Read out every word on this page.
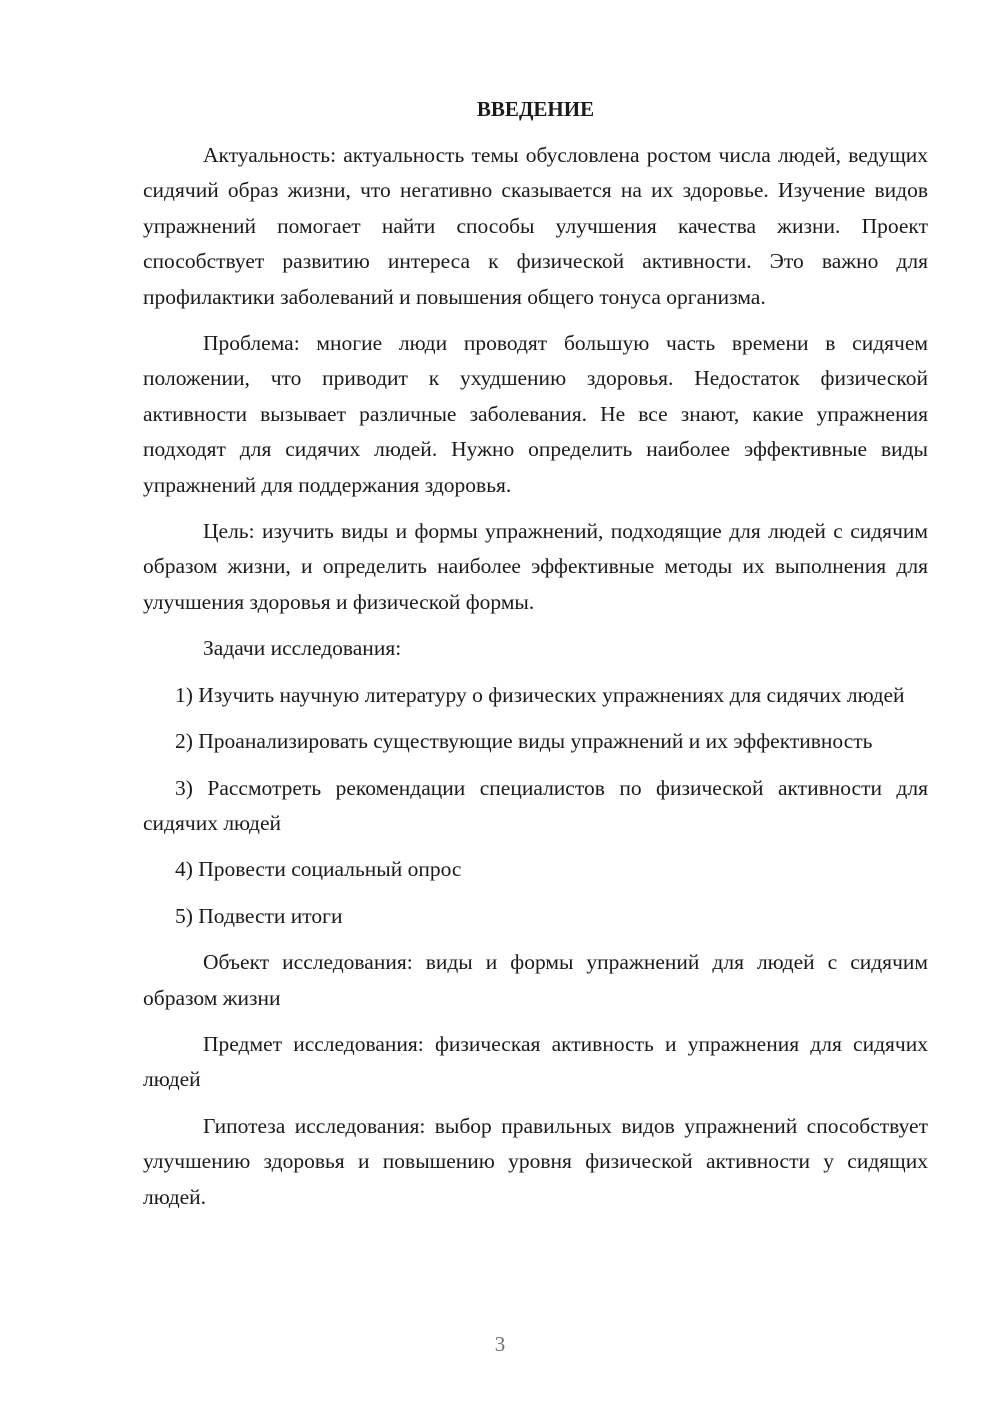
ВВЕДЕНИЕ

Актуальность: актуальность темы обусловлена ростом числа людей, ведущих сидячий образ жизни, что негативно сказывается на их здоровье. Изучение видов упражнений помогает найти способы улучшения качества жизни. Проект способствует развитию интереса к физической активности. Это важно для профилактики заболеваний и повышения общего тонуса организма.

Проблема: многие люди проводят большую часть времени в сидячем положении, что приводит к ухудшению здоровья. Недостаток физической активности вызывает различные заболевания. Не все знают, какие упражнения подходят для сидячих людей. Нужно определить наиболее эффективные виды упражнений для поддержания здоровья.

Цель: изучить виды и формы упражнений, подходящие для людей с сидячим образом жизни, и определить наиболее эффективные методы их выполнения для улучшения здоровья и физической формы.

Задачи исследования:

1) Изучить научную литературу о физических упражнениях для сидячих людей

2) Проанализировать существующие виды упражнений и их эффективность

3) Рассмотреть рекомендации специалистов по физической активности для сидячих людей

4) Провести социальный опрос

5) Подвести итоги

Объект исследования: виды и формы упражнений для людей с сидячим образом жизни

Предмет исследования: физическая активность и упражнения для сидячих людей

Гипотеза исследования: выбор правильных видов упражнений способствует улучшению здоровья и повышению уровня физической активности у сидящих людей.

3
